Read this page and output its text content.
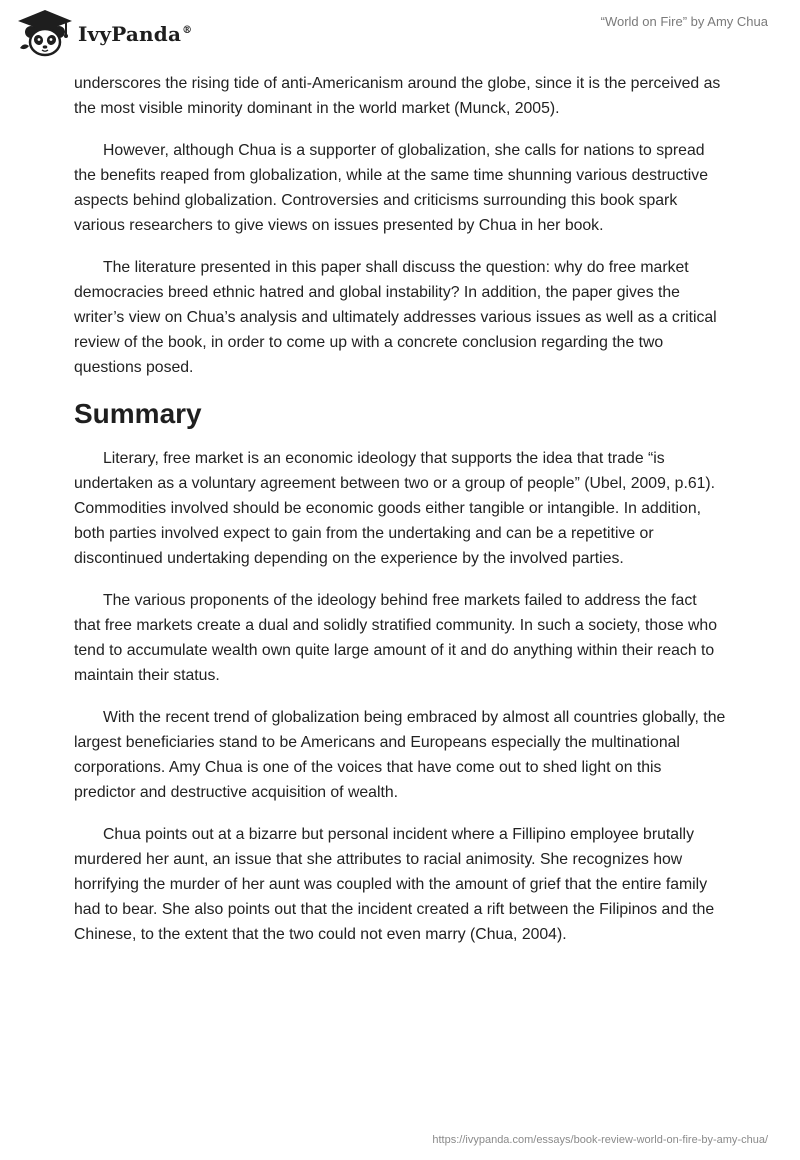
IvyPanda®
“World on Fire” by Amy Chua

underscores the rising tide of anti-Americanism around the globe, since it is the perceived as the most visible minority dominant in the world market (Munck, 2005).

However, although Chua is a supporter of globalization, she calls for nations to spread the benefits reaped from globalization, while at the same time shunning various destructive aspects behind globalization. Controversies and criticisms surrounding this book spark various researchers to give views on issues presented by Chua in her book.

The literature presented in this paper shall discuss the question: why do free market democracies breed ethnic hatred and global instability? In addition, the paper gives the writer’s view on Chua’s analysis and ultimately addresses various issues as well as a critical review of the book, in order to come up with a concrete conclusion regarding the two questions posed.

Summary

Literary, free market is an economic ideology that supports the idea that trade “is undertaken as a voluntary agreement between two or a group of people” (Ubel, 2009, p.61). Commodities involved should be economic goods either tangible or intangible. In addition, both parties involved expect to gain from the undertaking and can be a repetitive or discontinued undertaking depending on the experience by the involved parties.

The various proponents of the ideology behind free markets failed to address the fact that free markets create a dual and solidly stratified community. In such a society, those who tend to accumulate wealth own quite large amount of it and do anything within their reach to maintain their status.

With the recent trend of globalization being embraced by almost all countries globally, the largest beneficiaries stand to be Americans and Europeans especially the multinational corporations. Amy Chua is one of the voices that have come out to shed light on this predictor and destructive acquisition of wealth.

Chua points out at a bizarre but personal incident where a Fillipino employee brutally murdered her aunt, an issue that she attributes to racial animosity. She recognizes how horrifying the murder of her aunt was coupled with the amount of grief that the entire family had to bear. She also points out that the incident created a rift between the Filipinos and the Chinese, to the extent that the two could not even marry (Chua, 2004).

https://ivypanda.com/essays/book-review-world-on-fire-by-amy-chua/
